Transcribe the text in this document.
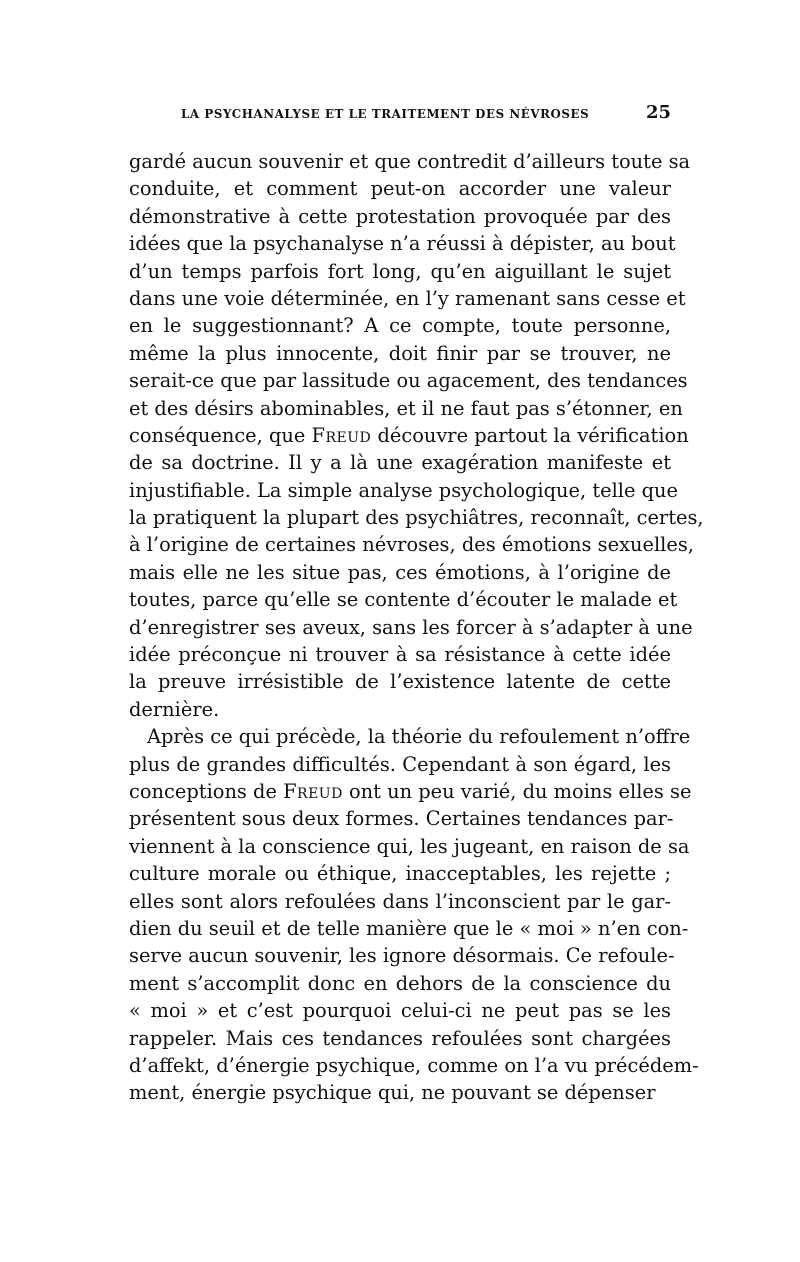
LA PSYCHANALYSE ET LE TRAITEMENT DES NÉVROSES	25
gardé aucun souvenir et que contredit d’ailleurs toute sa
conduite, et comment peut-on accorder une valeur
démonstrative à cette protestation provoquée par des
idées que la psychanalyse n’a réussi à dépister, au bout
d’un temps parfois fort long, qu’en aiguillant le sujet
dans une voie déterminée, en l’y ramenant sans cesse et
en le suggestionnant? A ce compte, toute personne,
même la plus innocente, doit finir par se trouver, ne
serait-ce que par lassitude ou agacement, des tendances
et des désirs abominables, et il ne faut pas s’étonner, en
conséquence, que Freud découvre partout la vérification
de sa doctrine. Il y a là une exagération manifeste et
injustifiable. La simple analyse psychologique, telle que
la pratiquent la plupart des psychiâtres, reconnaît, certes,
à l’origine de certaines névroses, des émotions sexuelles,
mais elle ne les situe pas, ces émotions, à l’origine de
toutes, parce qu’elle se contente d’écouter le malade et
d’enregistrer ses aveux, sans les forcer à s’adapter à une
idée préconçue ni trouver à sa résistance à cette idée
la preuve irrésistible de l’existence latente de cette
dernière.
Après ce qui précède, la théorie du refoulement n’offre
plus de grandes difficultés. Cependant à son égard, les
conceptions de Freud ont un peu varié, du moins elles se
présentent sous deux formes. Certaines tendances par-
viennent à la conscience qui, les jugeant, en raison de sa
culture morale ou éthique, inacceptables, les rejette ;
elles sont alors refoulées dans l’inconscient par le gar-
dien du seuil et de telle manière que le « moi » n’en con-
serve aucun souvenir, les ignore désormais. Ce refoule-
ment s’accomplit donc en dehors de la conscience du
« moi » et c’est pourquoi celui-ci ne peut pas se les
rappeler. Mais ces tendances refoulées sont chargées
d’affekt, d’énergie psychique, comme on l’a vu précédem-
ment, énergie psychique qui, ne pouvant se dépenser
